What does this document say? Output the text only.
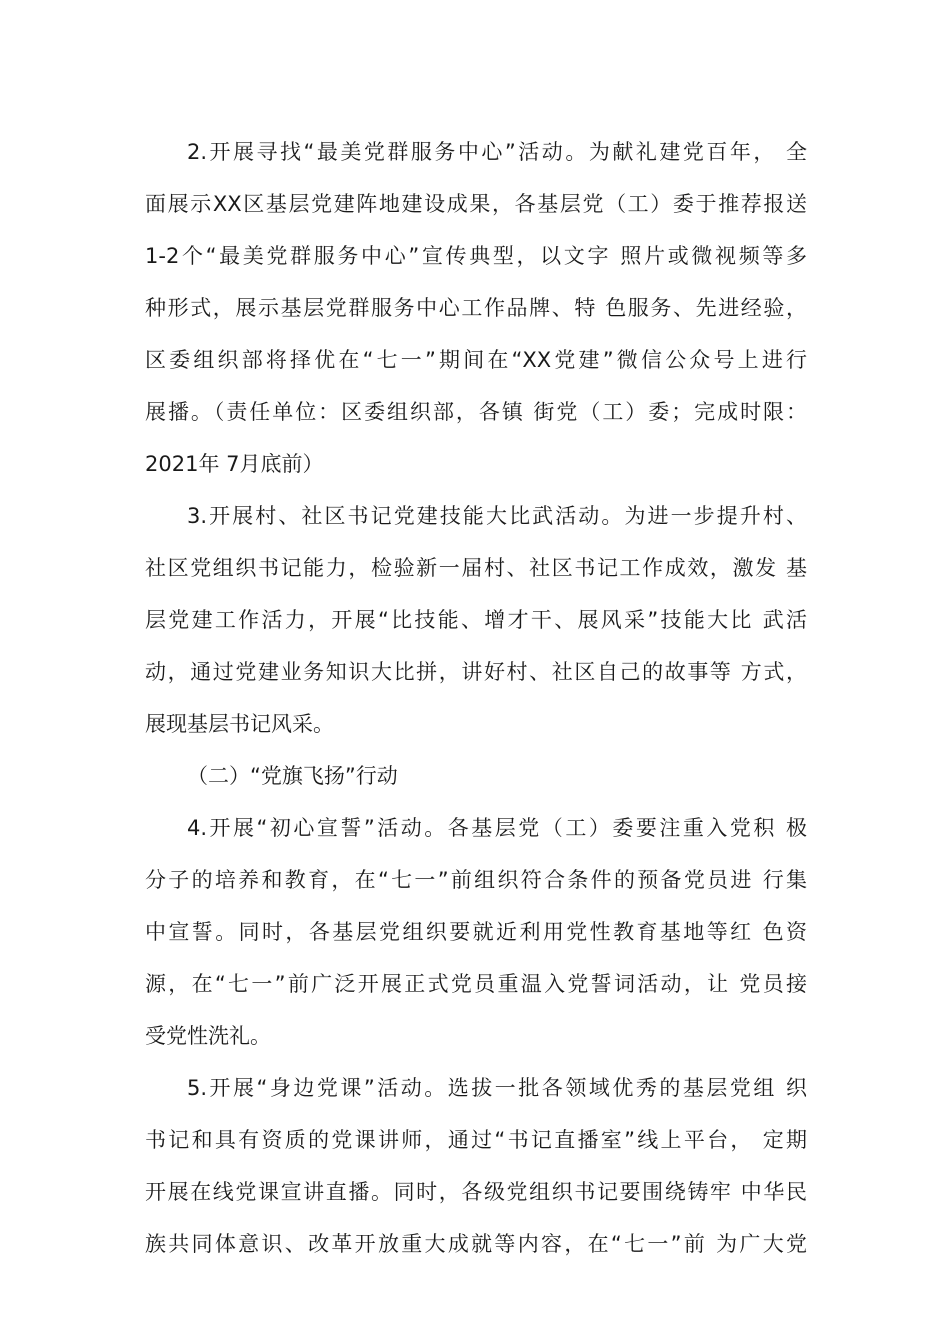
2.开展寻找“最美党群服务中心”活动。为献礼建党百年， 全
面展示XX区基层党建阵地建设成果，各基层党（工）委于推荐报送
1-2个“最美党群服务中心”宣传典型，以文字 照片或微视频等多
种形式，展示基层党群服务中心工作品牌、特 色服务、先进经验，
区委组织部将择优在“七一”期间在“XX党建”微信公众号上进行
展播。（责任单位：区委组织部，各镇 街党（工）委；完成时限：
2021年 7月底前）
3.开展村、社区书记党建技能大比武活动。为进一步提升村、
社区党组织书记能力，检验新一届村、社区书记工作成效，激发 基
层党建工作活力，开展“比技能、增才干、展风采”技能大比 武活
动，通过党建业务知识大比拼，讲好村、社区自己的故事等 方式，
展现基层书记风采。
（二）“党旗飞扬”行动
4.开展“初心宣誓”活动。各基层党（工）委要注重入党积 极
分子的培养和教育，在“七一”前组织符合条件的预备党员进 行集
中宣誓。同时，各基层党组织要就近利用党性教育基地等红 色资
源，在“七一”前广泛开展正式党员重温入党誓词活动，让 党员接
受党性洗礼。
5.开展“身边党课”活动。选拔一批各领域优秀的基层党组 织
书记和具有资质的党课讲师，通过“书记直播室”线上平台， 定期
开展在线党课宣讲直播。同时，各级党组织书记要围绕铸牢 中华民
族共同体意识、改革开放重大成就等内容，在“七一”前 为广大党
